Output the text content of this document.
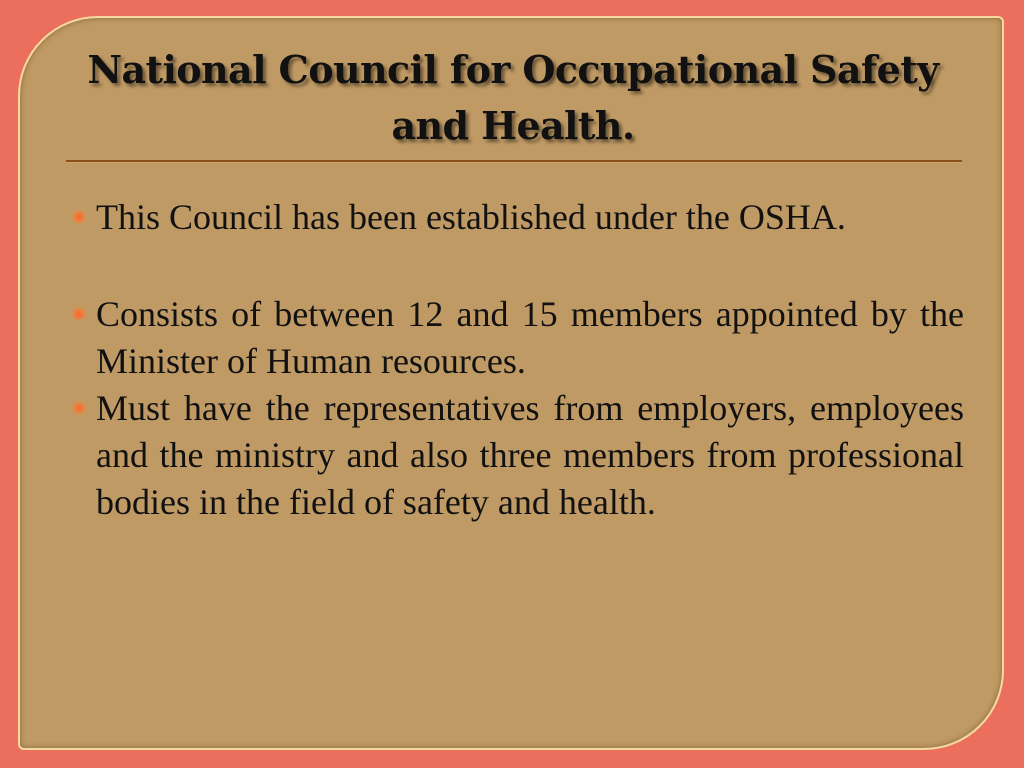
National Council for Occupational Safety and Health.
This Council has been established under the OSHA.
Consists of between 12 and 15 members appointed by the Minister of Human resources.
Must have the representatives from employers, employees and the ministry and also three members from professional bodies in the field of safety and health.
